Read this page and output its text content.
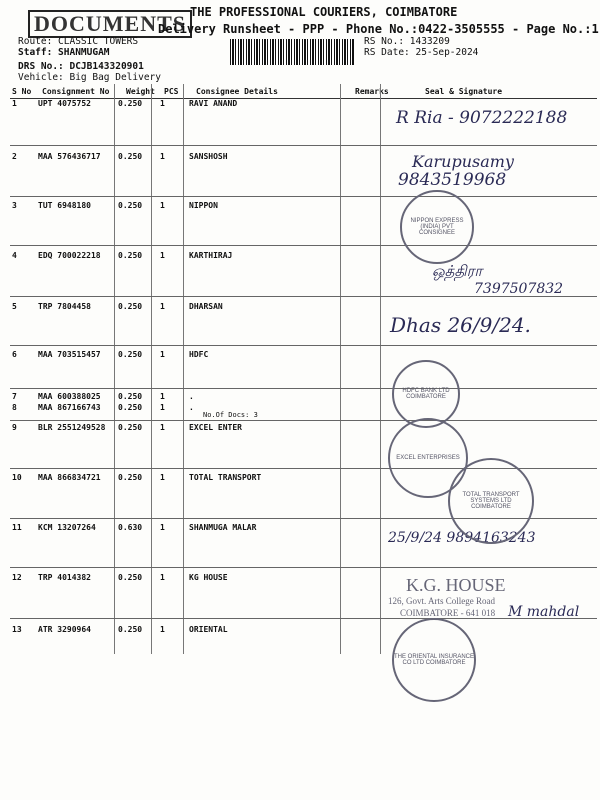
DOCUMENTS THE PROFESSIONAL COURIERS, COIMBATORE
Delivery Runsheet - PPP - Phone No.:0422-3505555 - Page No.:1
Route: CLASSIC TOWERS
Staff: SHANMUGAM
DRS No.: DCJB143320901
Vehicle: Big Bag Delivery
RS No.: 1433209
RS Date: 25-Sep-2024
S No	Consignment No	Weight	PCS	Consignee Details	Remarks	Seal & Signature
1	UPT 4075752	0.250 1	RAVI ANAND
2	MAA 576436717 0.250 1	SANSHOSH
3	TUT 6948180	0.250 1	NIPPON
4	EDQ 700022218 0.250 1	KARTHIRAJ
5	TRP 7804458	0.250 1	DHARSAN
6	MAA 703515457 0.250 1	HDFC
7	MAA 600388025 0.250 1	.
8	MAA 867166743 0.250 1	.
9	BLR 2551249528 0.250 1	EXCEL ENTER
10 MAA 866834721 0.250 1	TOTAL TRANSPORT
11 KCM 13207264	0.630 1	SHANMUGA MALAR
12 TRP 4014382	0.250 1	KG HOUSE
13 ATR 3290964	0.250 1	ORIENTAL
No.Of Docs: 3
R Ria - 9072222188
Karupusamy
9843519968
ஒத்திரா
7397507832
Dhas 26/9/24.
25/9/24 9894163243
M mahdal
NIPPON EXPRESS (INDIA) PVT CONSIGNEE
HDFC BANK LTD COIMBATORE
EXCEL ENTERPRISES
TOTAL TRANSPORT SYSTEMS LTD COIMBATORE
K.G. HOUSE
126, Govt. Arts College Road
COIMBATORE - 641 018
THE ORIENTAL INSURANCE CO LTD COIMBATORE
